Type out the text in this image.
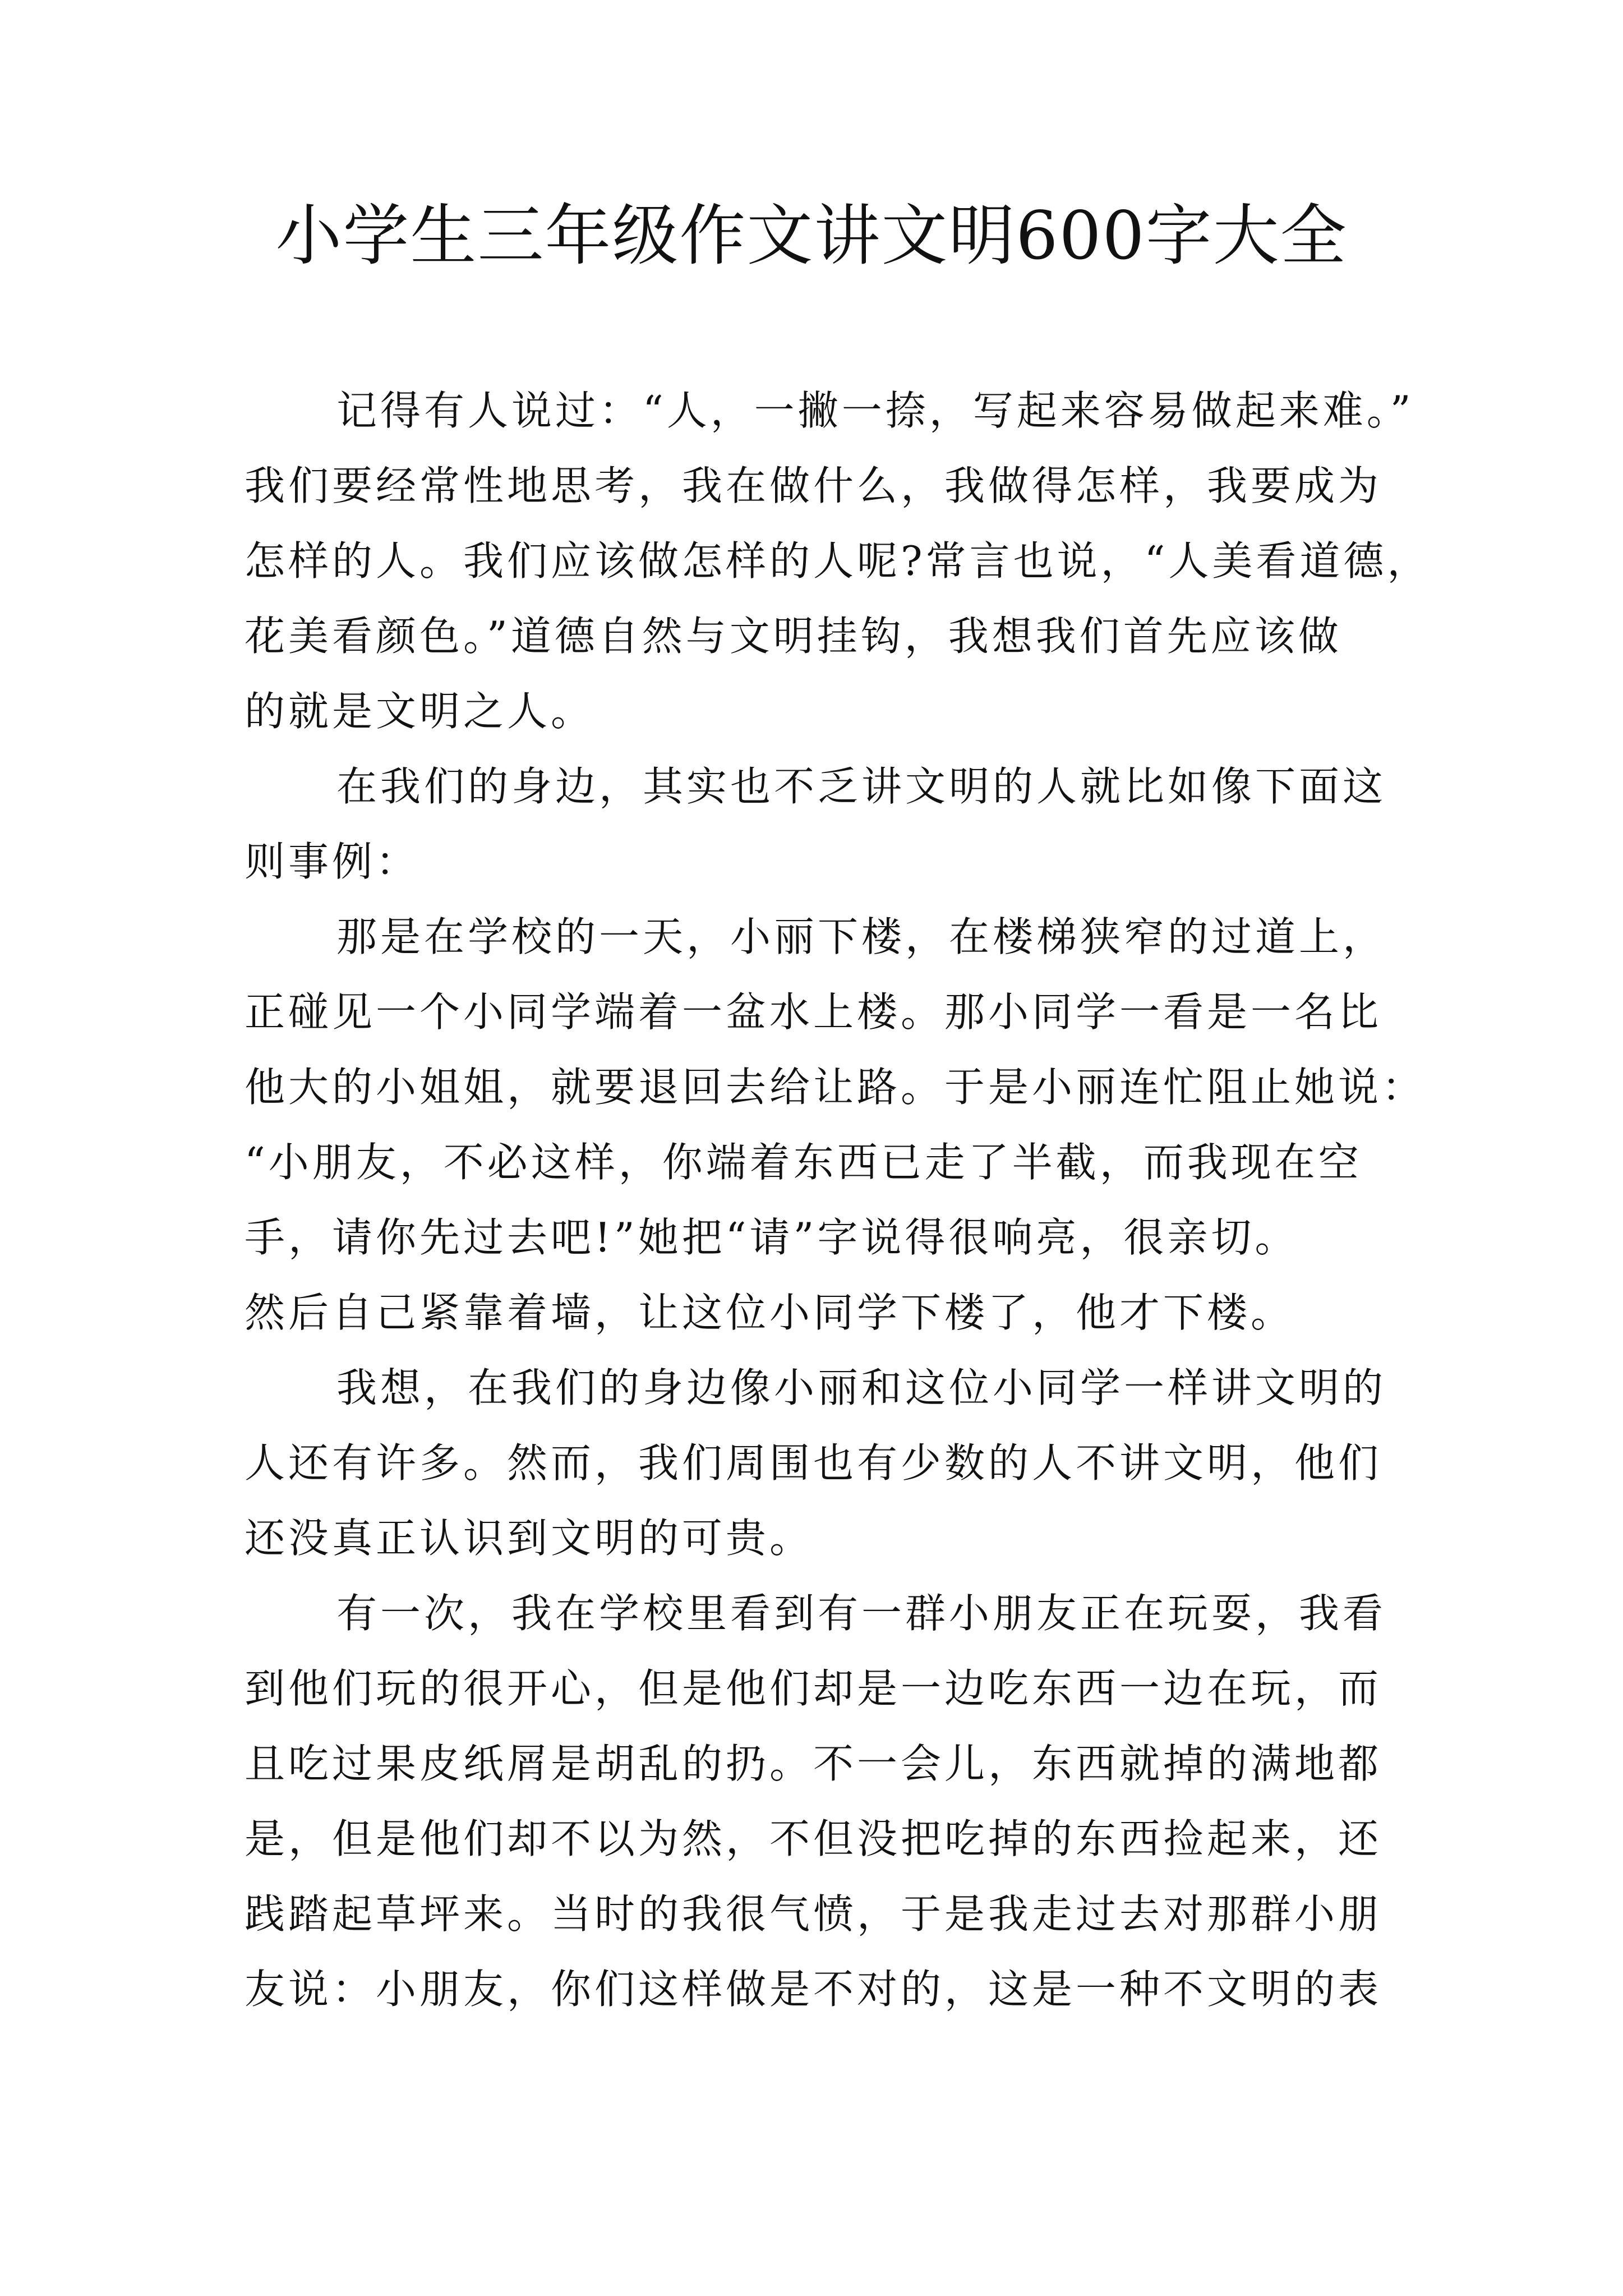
小学生三年级作文讲文明600字大全
记得有人说过：“人，一撇一捺，写起来容易做起来难。”
我们要经常性地思考，我在做什么，我做得怎样，我要成为
怎样的人。我们应该做怎样的人呢?常言也说，“人美看道德，
花美看颜色。”道德自然与文明挂钩，我想我们首先应该做
的就是文明之人。
在我们的身边，其实也不乏讲文明的人就比如像下面这
则事例：
那是在学校的一天，小丽下楼，在楼梯狭窄的过道上，
正碰见一个小同学端着一盆水上楼。那小同学一看是一名比
他大的小姐姐，就要退回去给让路。于是小丽连忙阻止她说：
“小朋友，不必这样，你端着东西已走了半截，而我现在空
手，请你先过去吧!”她把“请”字说得很响亮，很亲切。
然后自己紧靠着墙，让这位小同学下楼了，他才下楼。
我想，在我们的身边像小丽和这位小同学一样讲文明的
人还有许多。然而，我们周围也有少数的人不讲文明，他们
还没真正认识到文明的可贵。
有一次，我在学校里看到有一群小朋友正在玩耍，我看
到他们玩的很开心，但是他们却是一边吃东西一边在玩，而
且吃过果皮纸屑是胡乱的扔。不一会儿，东西就掉的满地都
是，但是他们却不以为然，不但没把吃掉的东西捡起来，还
践踏起草坪来。当时的我很气愤，于是我走过去对那群小朋
友说：小朋友，你们这样做是不对的，这是一种不文明的表
